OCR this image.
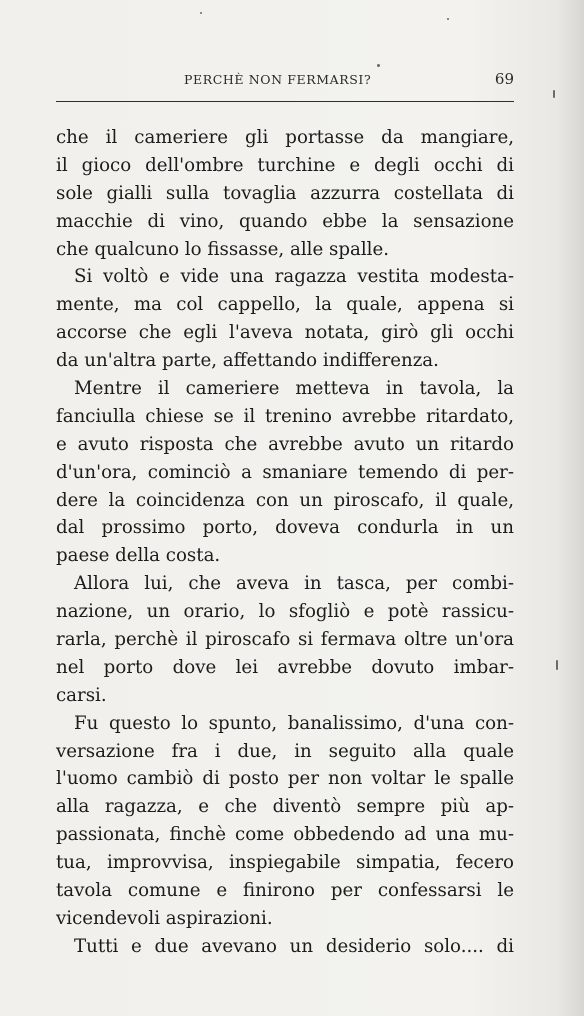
PERCHÈ NON FERMARSI?	69
che il cameriere gli portasse da mangiare,
il gioco dell'ombre turchine e degli occhi di
sole gialli sulla tovaglia azzurra costellata di
macchie di vino, quando ebbe la sensazione
che qualcuno lo fissasse, alle spalle.
Si voltò e vide una ragazza vestita modesta-
mente, ma col cappello, la quale, appena si
accorse che egli l'aveva notata, girò gli occhi
da un'altra parte, affettando indifferenza.
Mentre il cameriere metteva in tavola, la
fanciulla chiese se il trenino avrebbe ritardato,
e avuto risposta che avrebbe avuto un ritardo
d'un'ora, cominciò a smaniare temendo di per-
dere la coincidenza con un piroscafo, il quale,
dal prossimo porto, doveva condurla in un
paese della costa.
Allora lui, che aveva in tasca, per combi-
nazione, un orario, lo sfogliò e potè rassicu-
rarla, perchè il piroscafo si fermava oltre un'ora
nel porto dove lei avrebbe dovuto imbar-
carsi.
Fu questo lo spunto, banalissimo, d'una con-
versazione fra i due, in seguito alla quale
l'uomo cambiò di posto per non voltar le spalle
alla ragazza, e che diventò sempre più ap-
passionata, finchè come obbedendo ad una mu-
tua, improvvisa, inspiegabile simpatia, fecero
tavola comune e finirono per confessarsi le
vicendevoli aspirazioni.
Tutti e due avevano un desiderio solo.... di
